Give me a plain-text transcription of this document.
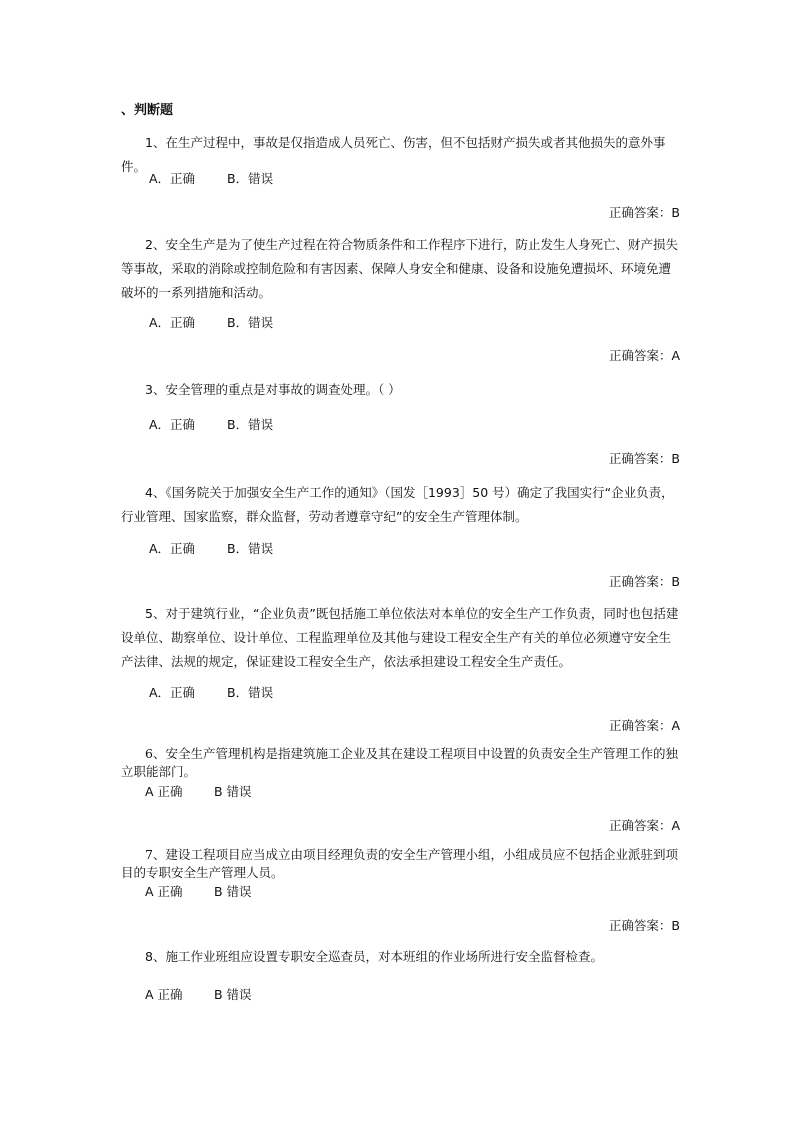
、判断题
1、在生产过程中，事故是仅指造成人员死亡、伤害，但不包括财产损失或者其他损失的意外事件。
A．正确	B．错误
正确答案：B
2、安全生产是为了使生产过程在符合物质条件和工作程序下进行，防止发生人身死亡、财产损失等事故，采取的消除或控制危险和有害因素、保障人身安全和健康、设备和设施免遭损坏、环境免遭破坏的一系列措施和活动。
A．正确	B．错误
正确答案：A
3、安全管理的重点是对事故的调查处理。（ ）
A．正确	B．错误
正确答案：B
4、《国务院关于加强安全生产工作的通知》（国发［1993］50 号）确定了我国实行“企业负责，行业管理、国家监察，群众监督，劳动者遵章守纪”的安全生产管理体制。
A．正确	B．错误
正确答案：B
5、对于建筑行业，“企业负责”既包括施工单位依法对本单位的安全生产工作负责，同时也包括建设单位、勘察单位、设计单位、工程监理单位及其他与建设工程安全生产有关的单位必须遵守安全生产法律、法规的规定，保证建设工程安全生产，依法承担建设工程安全生产责任。
A．正确	B．错误
正确答案：A
6、安全生产管理机构是指建筑施工企业及其在建设工程项目中设置的负责安全生产管理工作的独立职能部门。
A 正确	B 错误
正确答案：A
7、建设工程项目应当成立由项目经理负责的安全生产管理小组，小组成员应不包括企业派驻到项目的专职安全生产管理人员。
A 正确	B 错误
正确答案：B
8、施工作业班组应设置专职安全巡查员，对本班组的作业场所进行安全监督检查。
A 正确	B 错误
